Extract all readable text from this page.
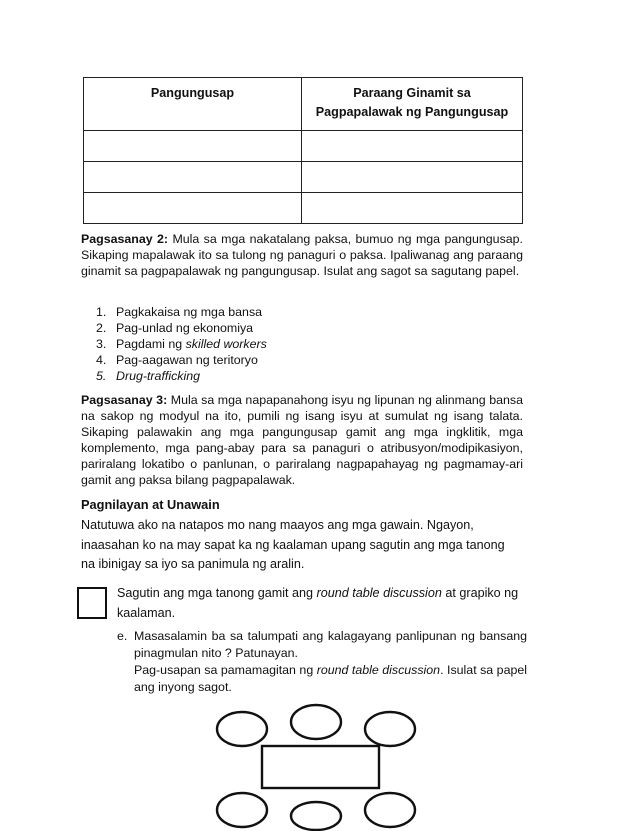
Pangungusap	Paraang Ginamit sa
Pagpapalawak ng Pangungusap

Pagsasanay 2: Mula sa mga nakatalang paksa, bumuo ng mga pangungusap. Sikaping mapalawak ito sa tulong ng panaguri o paksa. Ipaliwanag ang paraang ginamit sa pagpapalawak ng pangungusap. Isulat ang sagot sa sagutang papel.

1. Pagkakaisa ng mga bansa
2. Pag-unlad ng ekonomiya
3. Pagdami ng skilled workers
4. Pag-aagawan ng teritoryo
5. Drug-trafficking

Pagsasanay 3: Mula sa mga napapanahong isyu ng lipunan ng alinmang bansa na sakop ng modyul na ito, pumili ng isang isyu at sumulat ng isang talata. Sikaping palawakin ang mga pangungusap gamit ang mga ingklitik, mga komplemento, mga pang-abay para sa panaguri o atribusyon/modipikasiyon, pariralang lokatibo o panlunan, o pariralang nagpapahayag ng pagmamay-ari gamit ang paksa bilang pagpapalawak.

Pagnilayan at Unawain

Natutuwa ako na natapos mo nang maayos ang mga gawain. Ngayon,

inaasahan ko na may sapat ka ng kaalaman upang sagutin ang mga tanong

na ibinigay sa iyo sa panimula ng aralin.

Sagutin ang mga tanong gamit ang round table discussion at grapiko ng kaalaman.
e. Masasalamin ba sa talumpati ang kalagayang panlipunan ng bansang pinagmulan nito ? Patunayan.
Pag-usapan sa pamamagitan ng round table discussion. Isulat sa papel ang inyong sagot.
